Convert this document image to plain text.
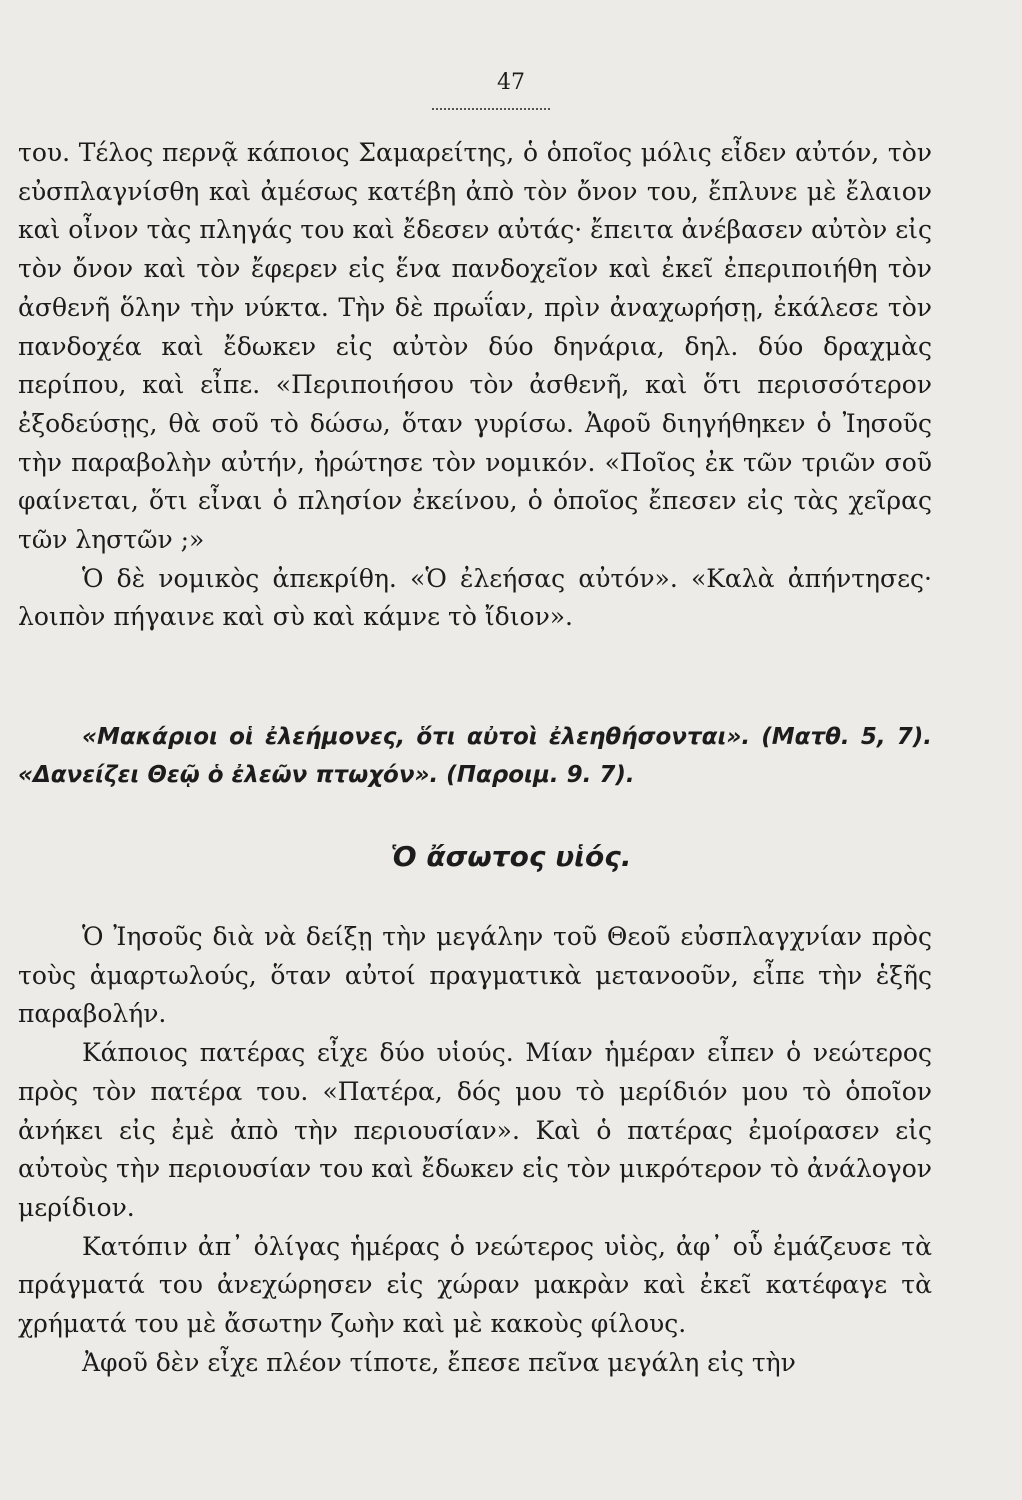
47

του. Τέλος περνᾷ κάποιος Σαμαρείτης, ὁ ὁποῖος μόλις εἶδεν αὐτόν, τὸν εὐσπλαγνίσθη καὶ ἀμέσως κατέβη ἀπὸ τὸν ὄνον του, ἔπλυνε μὲ ἔλαιον καὶ οἶνον τὰς πληγάς του καὶ ἔδεσεν αὐτάς· ἔπειτα ἀνέβασεν αὐτὸν εἰς τὸν ὄνον καὶ τὸν ἔφερεν εἰς ἕνα πανδοχεῖον καὶ ἐκεῖ ἐπεριποιήθη τὸν ἀσθενῆ ὅλην τὴν νύκτα. Τὴν δὲ πρωΐαν, πρὶν ἀναχωρήσῃ, ἐκάλεσε τὸν πανδοχέα καὶ ἔδωκεν εἰς αὐτὸν δύο δηνάρια, δηλ. δύο δραχμὰς περίπου, καὶ εἶπε. «Περιποιήσου τὸν ἀσθενῆ, καὶ ὅτι περισσότερον ἐξοδεύσῃς, θὰ σοῦ τὸ δώσω, ὅταν γυρίσω. Ἀφοῦ διηγήθηκεν ὁ Ἰησοῦς τὴν παραβολὴν αὐτήν, ἠρώτησε τὸν νομικόν. «Ποῖος ἐκ τῶν τριῶν σοῦ φαίνεται, ὅτι εἶναι ὁ πλησίον ἐκείνου, ὁ ὁποῖος ἔπεσεν εἰς τὰς χεῖρας τῶν ληστῶν ;»

Ὁ δὲ νομικὸς ἀπεκρίθη. «Ὁ ἐλεήσας αὐτόν». «Καλὰ ἀπήντησες· λοιπὸν πήγαινε καὶ σὺ καὶ κάμνε τὸ ἴδιον».

«Μακάριοι οἱ ἐλεήμονες, ὅτι αὐτοὶ ἐλεηθήσονται». (Ματθ. 5, 7). «Δανείζει Θεῷ ὁ ἐλεῶν πτωχόν». (Παροιμ. 9. 7).

Ὁ ἄσωτος υἱός.

Ὁ Ἰησοῦς διὰ νὰ δείξῃ τὴν μεγάλην τοῦ Θεοῦ εὐσπλαγχνίαν πρὸς τοὺς ἁμαρτωλούς, ὅταν αὐτοί πραγματικὰ μετανοοῦν, εἶπε τὴν ἑξῆς παραβολήν.

Κάποιος πατέρας εἶχε δύο υἱούς. Μίαν ἡμέραν εἶπεν ὁ νεώτερος πρὸς τὸν πατέρα του. «Πατέρα, δός μου τὸ μερίδιόν μου τὸ ὁποῖον ἀνήκει εἰς ἐμὲ ἀπὸ τὴν περιουσίαν». Καὶ ὁ πατέρας ἐμοίρασεν εἰς αὐτοὺς τὴν περιουσίαν του καὶ ἔδωκεν εἰς τὸν μικρότερον τὸ ἀνάλογον μερίδιον.

Κατόπιν ἀπ᾽ ὀλίγας ἡμέρας ὁ νεώτερος υἱὸς, ἀφ᾽ οὗ ἐμάζευσε τὰ πράγματά του ἀνεχώρησεν εἰς χώραν μακρὰν καὶ ἐκεῖ κατέφαγε τὰ χρήματά του μὲ ἄσωτην ζωὴν καὶ μὲ κακοὺς φίλους.

Ἀφοῦ δὲν εἶχε πλέον τίποτε, ἔπεσε πεῖνα μεγάλη εἰς τὴν
